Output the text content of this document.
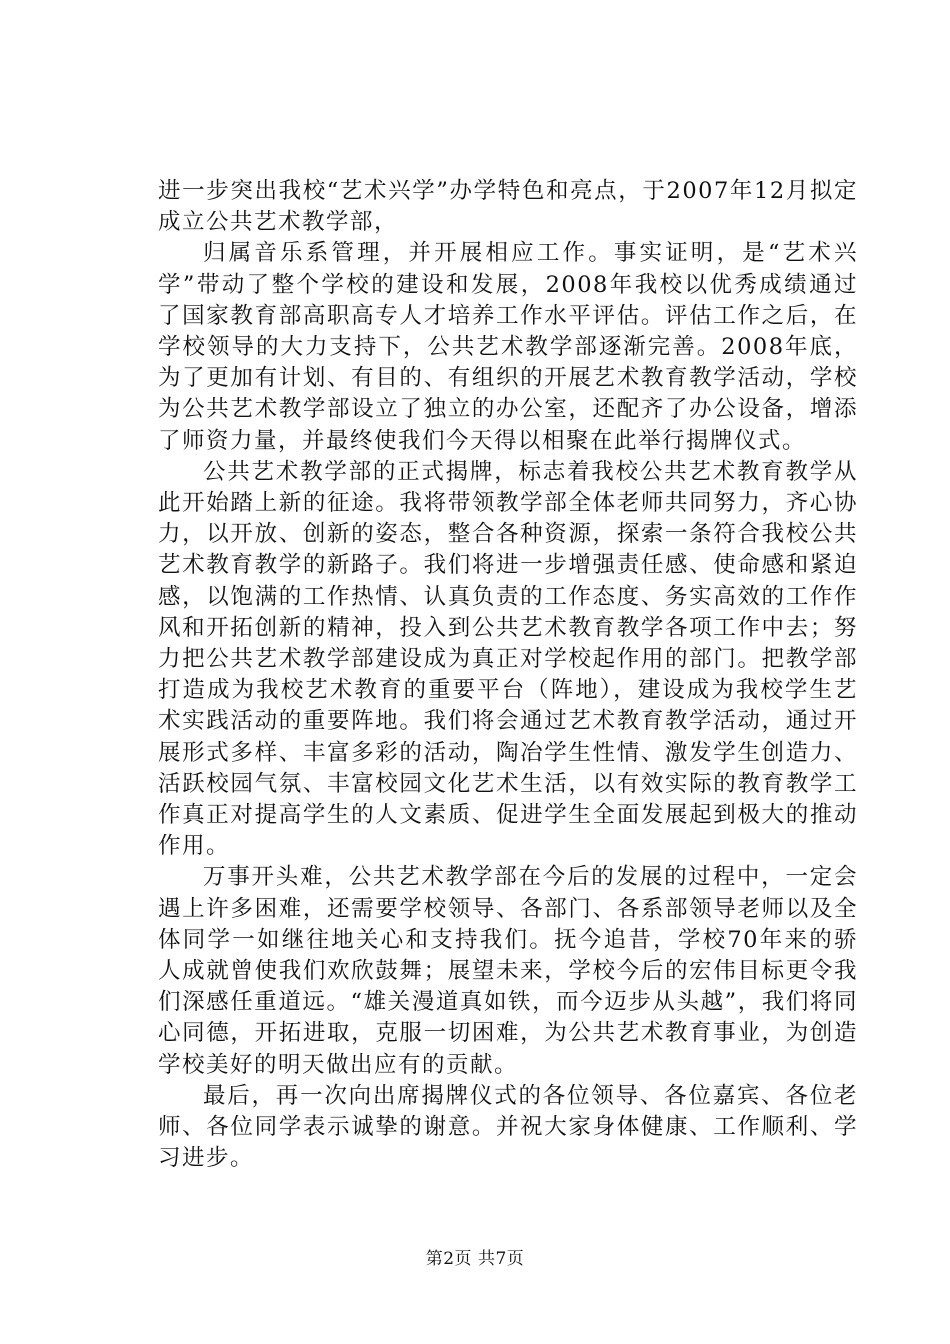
进一步突出我校“艺术兴学”办学特色和亮点，于2007年12月拟定成立公共艺术教学部，

归属音乐系管理，并开展相应工作。事实证明，是“艺术兴学”带动了整个学校的建设和发展，2008年我校以优秀成绩通过了国家教育部高职高专人才培养工作水平评估。评估工作之后，在学校领导的大力支持下，公共艺术教学部逐渐完善。2008年底，为了更加有计划、有目的、有组织的开展艺术教育教学活动，学校为公共艺术教学部设立了独立的办公室，还配齐了办公设备，增添了师资力量，并最终使我们今天得以相聚在此举行揭牌仪式。

公共艺术教学部的正式揭牌，标志着我校公共艺术教育教学从此开始踏上新的征途。我将带领教学部全体老师共同努力，齐心协力，以开放、创新的姿态，整合各种资源，探索一条符合我校公共艺术教育教学的新路子。我们将进一步增强责任感、使命感和紧迫感，以饱满的工作热情、认真负责的工作态度、务实高效的工作作风和开拓创新的精神，投入到公共艺术教育教学各项工作中去；努力把公共艺术教学部建设成为真正对学校起作用的部门。把教学部打造成为我校艺术教育的重要平台（阵地），建设成为我校学生艺术实践活动的重要阵地。我们将会通过艺术教育教学活动，通过开展形式多样、丰富多彩的活动，陶冶学生性情、激发学生创造力、活跃校园气氛、丰富校园文化艺术生活，以有效实际的教育教学工作真正对提高学生的人文素质、促进学生全面发展起到极大的推动作用。

万事开头难，公共艺术教学部在今后的发展的过程中，一定会遇上许多困难，还需要学校领导、各部门、各系部领导老师以及全体同学一如继往地关心和支持我们。抚今追昔，学校70年来的骄人成就曾使我们欢欣鼓舞；展望未来，学校今后的宏伟目标更令我们深感任重道远。“雄关漫道真如铁，而今迈步从头越”，我们将同心同德，开拓进取，克服一切困难，为公共艺术教育事业，为创造学校美好的明天做出应有的贡献。

最后，再一次向出席揭牌仪式的各位领导、各位嘉宾、各位老师、各位同学表示诚挚的谢意。并祝大家身体健康、工作顺利、学习进步。

第2页 共7页
